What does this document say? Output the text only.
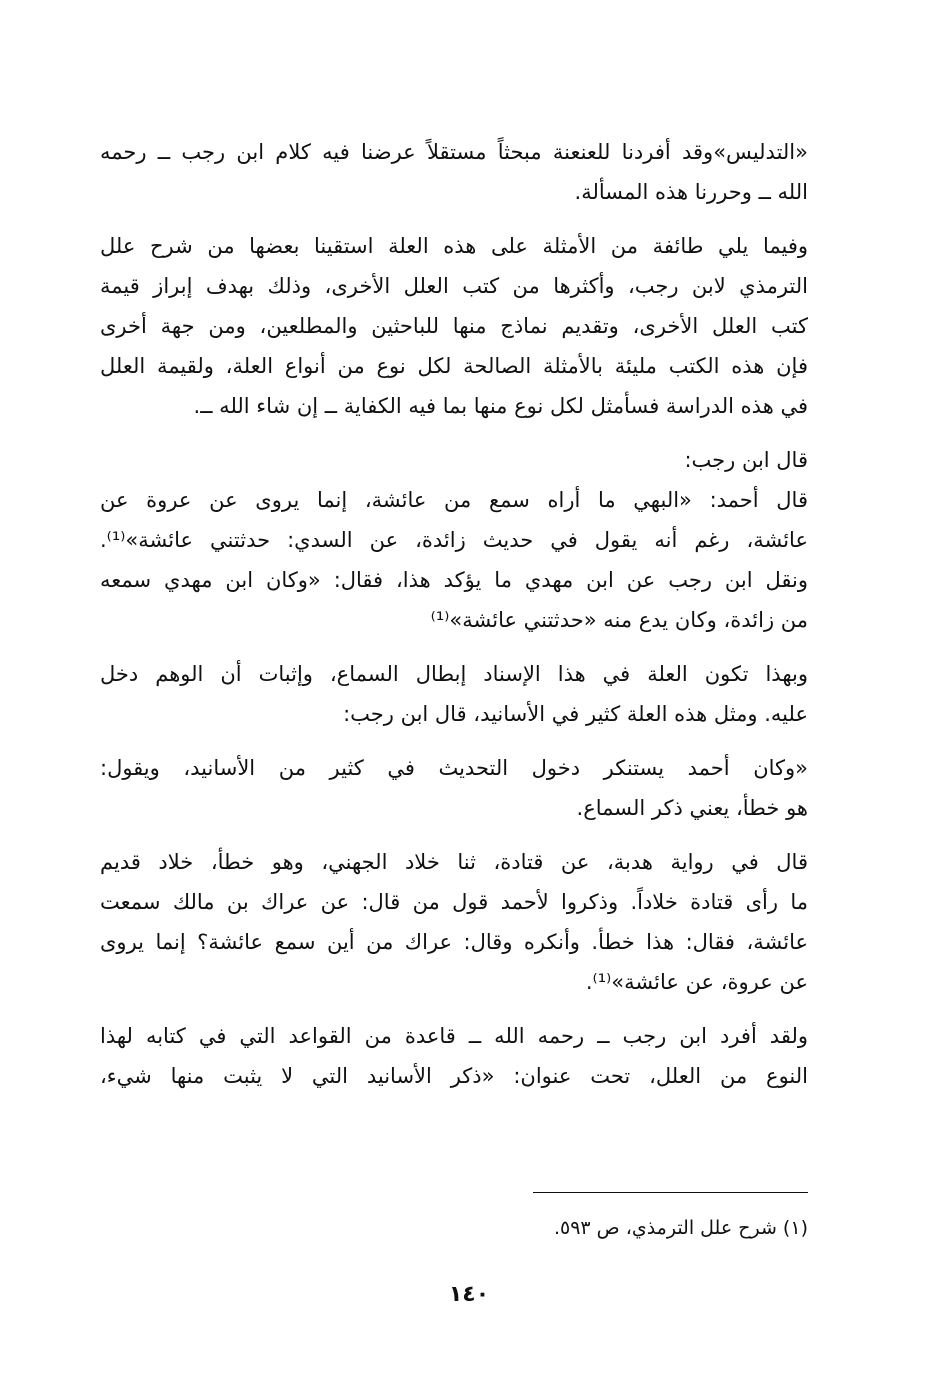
«التدليس»وقد أفردنا للعنعنة مبحثاً مستقلاً عرضنا فيه كلام ابن رجب ــ رحمه
الله ــ وحررنا هذه المسألة.
وفيما يلي طائفة من الأمثلة على هذه العلة استقينا بعضها من شرح علل
الترمذي لابن رجب، وأكثرها من كتب العلل الأخرى، وذلك بهدف إبراز قيمة
كتب العلل الأخرى، وتقديم نماذج منها للباحثين والمطلعين، ومن جهة أخرى
فإن هذه الكتب مليئة بالأمثلة الصالحة لكل نوع من أنواع العلة، ولقيمة العلل
في هذه الدراسة فسأمثل لكل نوع منها بما فيه الكفاية ــ إن شاء الله ــ.
قال ابن رجب:
قال أحمد: «البهي ما أراه سمع من عائشة، إنما يروى عن عروة عن
عائشة، رغم أنه يقول في حديث زائدة، عن السدي: حدثتني عائشة»⁽¹⁾.
ونقل ابن رجب عن ابن مهدي ما يؤكد هذا، فقال: «وكان ابن مهدي سمعه
من زائدة، وكان يدع منه «حدثتني عائشة»⁽¹⁾
وبهذا تكون العلة في هذا الإسناد إبطال السماع، وإثبات أن الوهم دخل
عليه. ومثل هذه العلة كثير في الأسانيد، قال ابن رجب:
«وكان أحمد يستنكر دخول التحديث في كثير من الأسانيد، ويقول:
هو خطأ، يعني ذكر السماع.
قال في رواية هدبة، عن قتادة، ثنا خلاد الجهني، وهو خطأ، خلاد قديم
ما رأى قتادة خلاداً. وذكروا لأحمد قول من قال: عن عراك بن مالك سمعت
عائشة، فقال: هذا خطأ. وأنكره وقال: عراك من أين سمع عائشة؟ إنما يروى
عن عروة، عن عائشة»⁽¹⁾.
ولقد أفرد ابن رجب ــ رحمه الله ــ قاعدة من القواعد التي في كتابه لهذا
النوع من العلل، تحت عنوان: «ذكر الأسانيد التي لا يثبت منها شيء،
(١) شرح علل الترمذي، ص ٥٩٣.
١٤٠
